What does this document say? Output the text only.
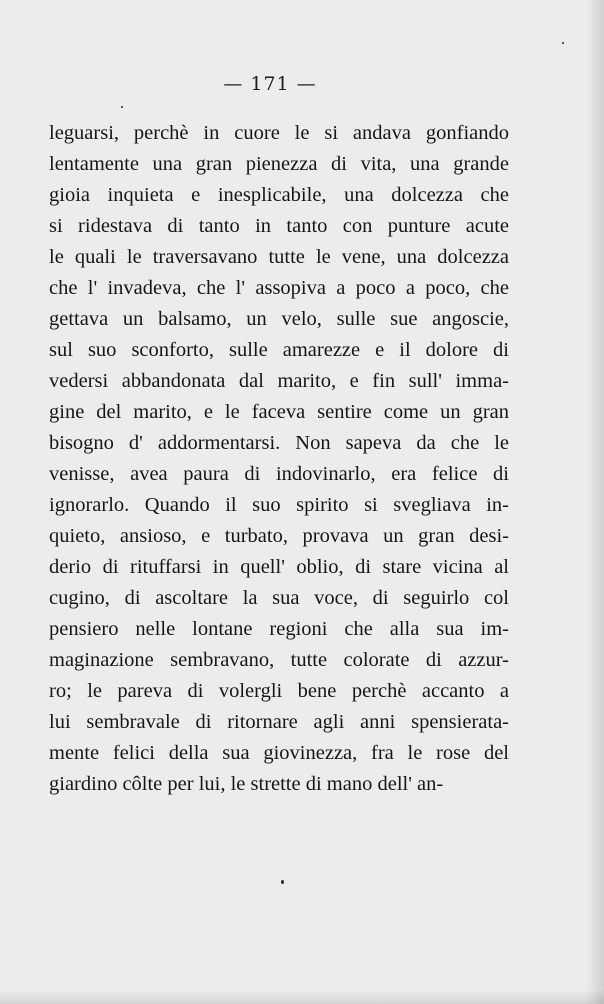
— 171 —
leguarsi, perchè in cuore le si andava gonfiando
lentamente una gran pienezza di vita, una grande
gioia inquieta e inesplicabile, una dolcezza che
si ridestava di tanto in tanto con punture acute
le quali le traversavano tutte le vene, una dolcezza
che l' invadeva, che l' assopiva a poco a poco, che
gettava un balsamo, un velo, sulle sue angoscie,
sul suo sconforto, sulle amarezze e il dolore di
vedersi abbandonata dal marito, e fin sull' imma-
gine del marito, e le faceva sentire come un gran
bisogno d' addormentarsi. Non sapeva da che le
venisse, avea paura di indovinarlo, era felice di
ignorarlo. Quando il suo spirito si svegliava in-
quieto, ansioso, e turbato, provava un gran desi-
derio di rituffarsi in quell' oblio, di stare vicina al
cugino, di ascoltare la sua voce, di seguirlo col
pensiero nelle lontane regioni che alla sua im-
maginazione sembravano, tutte colorate di azzur-
ro; le pareva di volergli bene perchè accanto a
lui sembravale di ritornare agli anni spensierata-
mente felici della sua giovinezza, fra le rose del
giardino côlte per lui, le strette di mano dell' an-
